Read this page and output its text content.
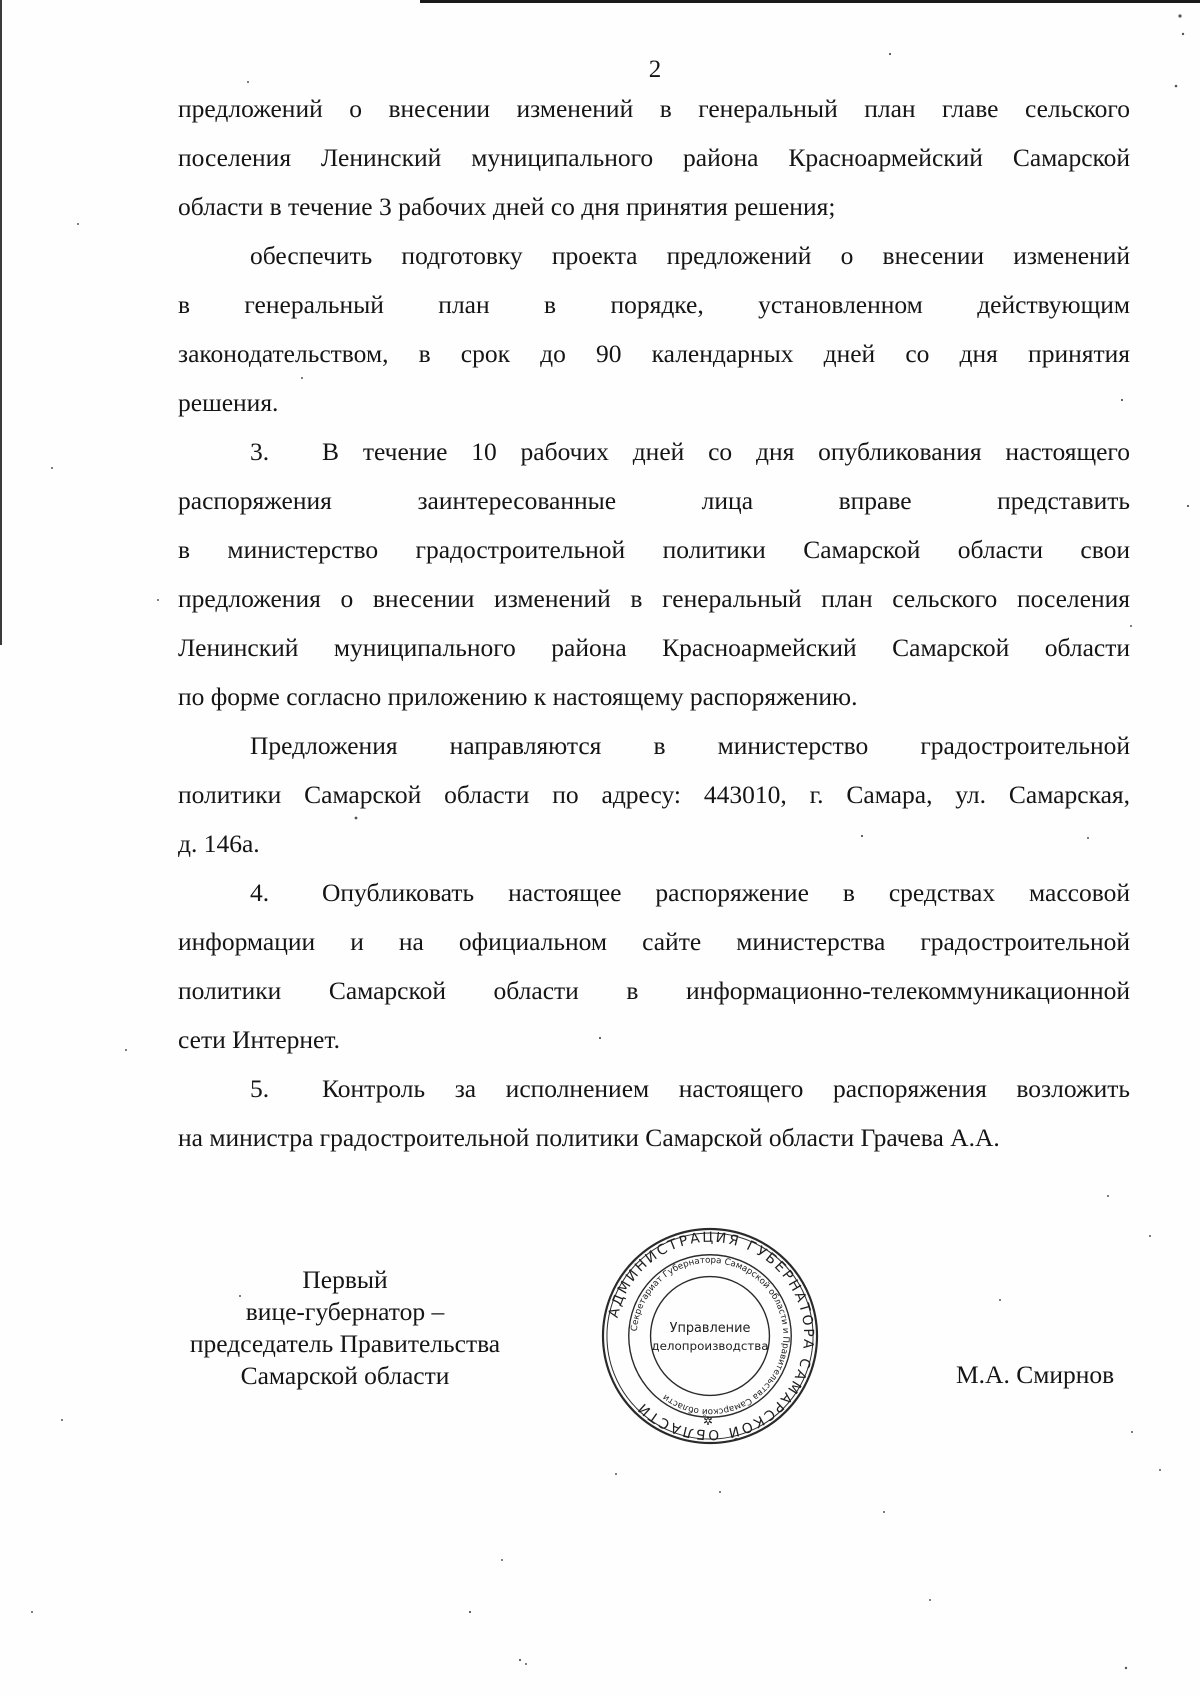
2
предложений о внесении изменений в генеральный план главе сельского
поселения Ленинский муниципального района Красноармейский Самарской
области в течение 3 рабочих дней со дня принятия решения;
обеспечить подготовку проекта предложений о внесении изменений
в генеральный план в порядке, установленном действующим
законодательством, в срок до 90 календарных дней со дня принятия
решения.
3.	В течение 10 рабочих дней со дня опубликования настоящего
распоряжения заинтересованные лица вправе представить
в министерство градостроительной политики Самарской области свои
предложения о внесении изменений в генеральный план сельского поселения
Ленинский муниципального района Красноармейский Самарской области
по форме согласно приложению к настоящему распоряжению.
Предложения направляются в министерство градостроительной
политики Самарской области по адресу: 443010, г. Самара, ул. Самарская,
д. 146а.
4.	Опубликовать настоящее распоряжение в средствах массовой
информации и на официальном сайте министерства градостроительной
политики Самарской области в информационно-телекоммуникационной
сети Интернет.
5.	Контроль за исполнением настоящего распоряжения возложить
на министра градостроительной политики Самарской области Грачева А.А.
Первый
вице-губернатор –
председатель Правительства
Самарской области
АДМИНИСТРАЦИЯ ГУБЕРНАТОРА САМАРСКОЙ ОБЛАСТИ
Секретариат Губернатора Самарской области и Правительства Самарской области
Управление
делопроизводства
✲
М.А. Смирнов
